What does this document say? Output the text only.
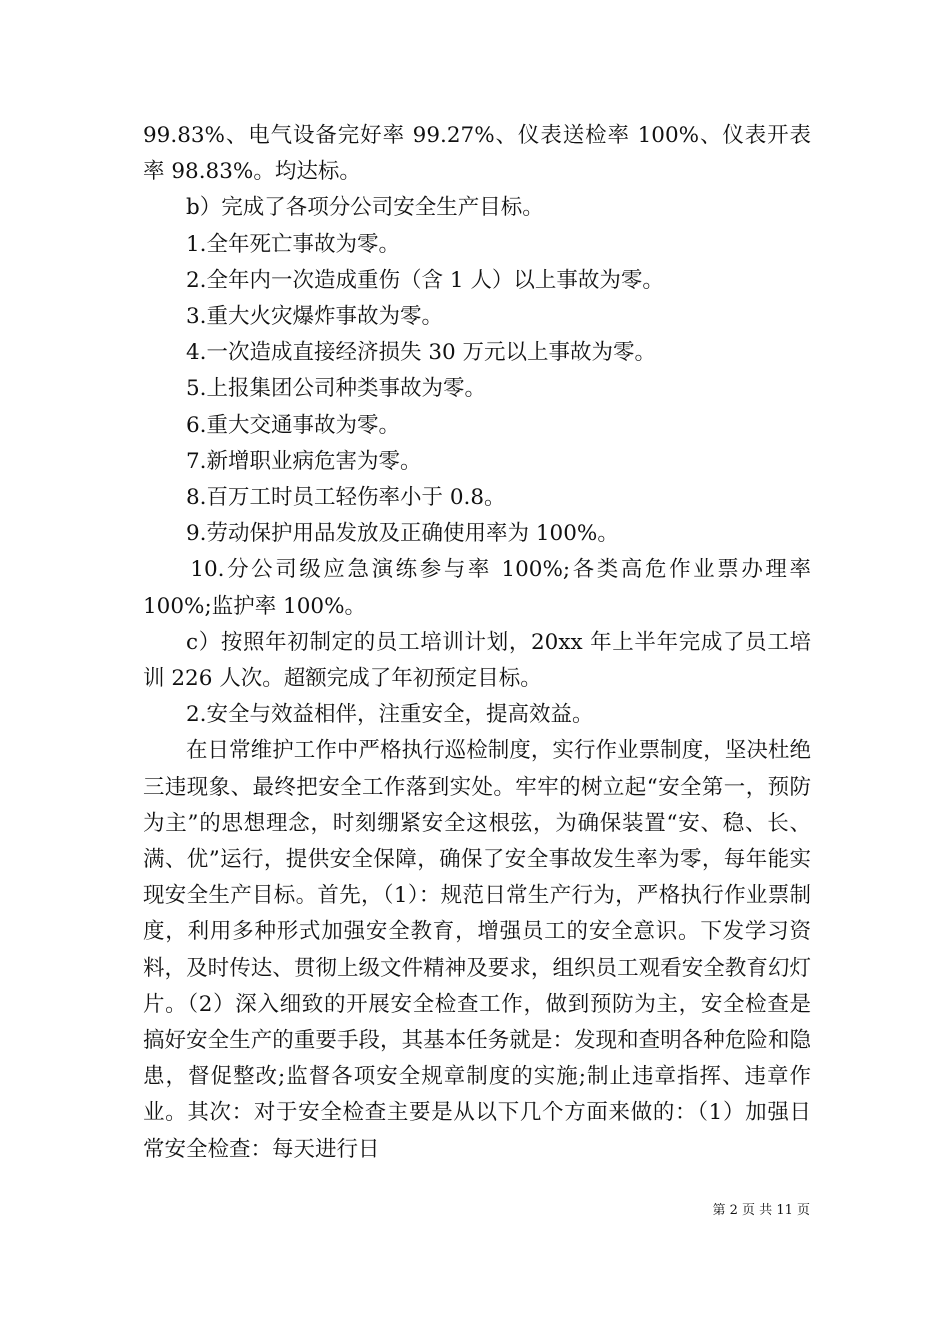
99.83%、电气设备完好率 99.27%、仪表送检率 100%、仪表开表率 98.83%。均达标。

b）完成了各项分公司安全生产目标。

1.全年死亡事故为零。

2.全年内一次造成重伤（含 1 人）以上事故为零。

3.重大火灾爆炸事故为零。

4.一次造成直接经济损失 30 万元以上事故为零。

5.上报集团公司种类事故为零。

6.重大交通事故为零。

7.新增职业病危害为零。

8.百万工时员工轻伤率小于 0.8。

9.劳动保护用品发放及正确使用率为 100%。

10.分公司级应急演练参与率 100%;各类高危作业票办理率 100%;监护率 100%。

c）按照年初制定的员工培训计划，20xx 年上半年完成了员工培训 226 人次。超额完成了年初预定目标。

2.安全与效益相伴，注重安全，提高效益。

在日常维护工作中严格执行巡检制度，实行作业票制度，坚决杜绝三违现象、最终把安全工作落到实处。牢牢的树立起“安全第一，预防为主”的思想理念，时刻绷紧安全这根弦，为确保装置“安、稳、长、满、优”运行，提供安全保障，确保了安全事故发生率为零，每年能实现安全生产目标。首先，（1）：规范日常生产行为，严格执行作业票制度，利用多种形式加强安全教育，增强员工的安全意识。下发学习资料，及时传达、贯彻上级文件精神及要求，组织员工观看安全教育幻灯片。（2）深入细致的开展安全检查工作，做到预防为主，安全检查是搞好安全生产的重要手段，其基本任务就是：发现和查明各种危险和隐患，督促整改;监督各项安全规章制度的实施;制止违章指挥、违章作业。其次：对于安全检查主要是从以下几个方面来做的：（1）加强日常安全检查：每天进行日

第 2 页 共 11 页
